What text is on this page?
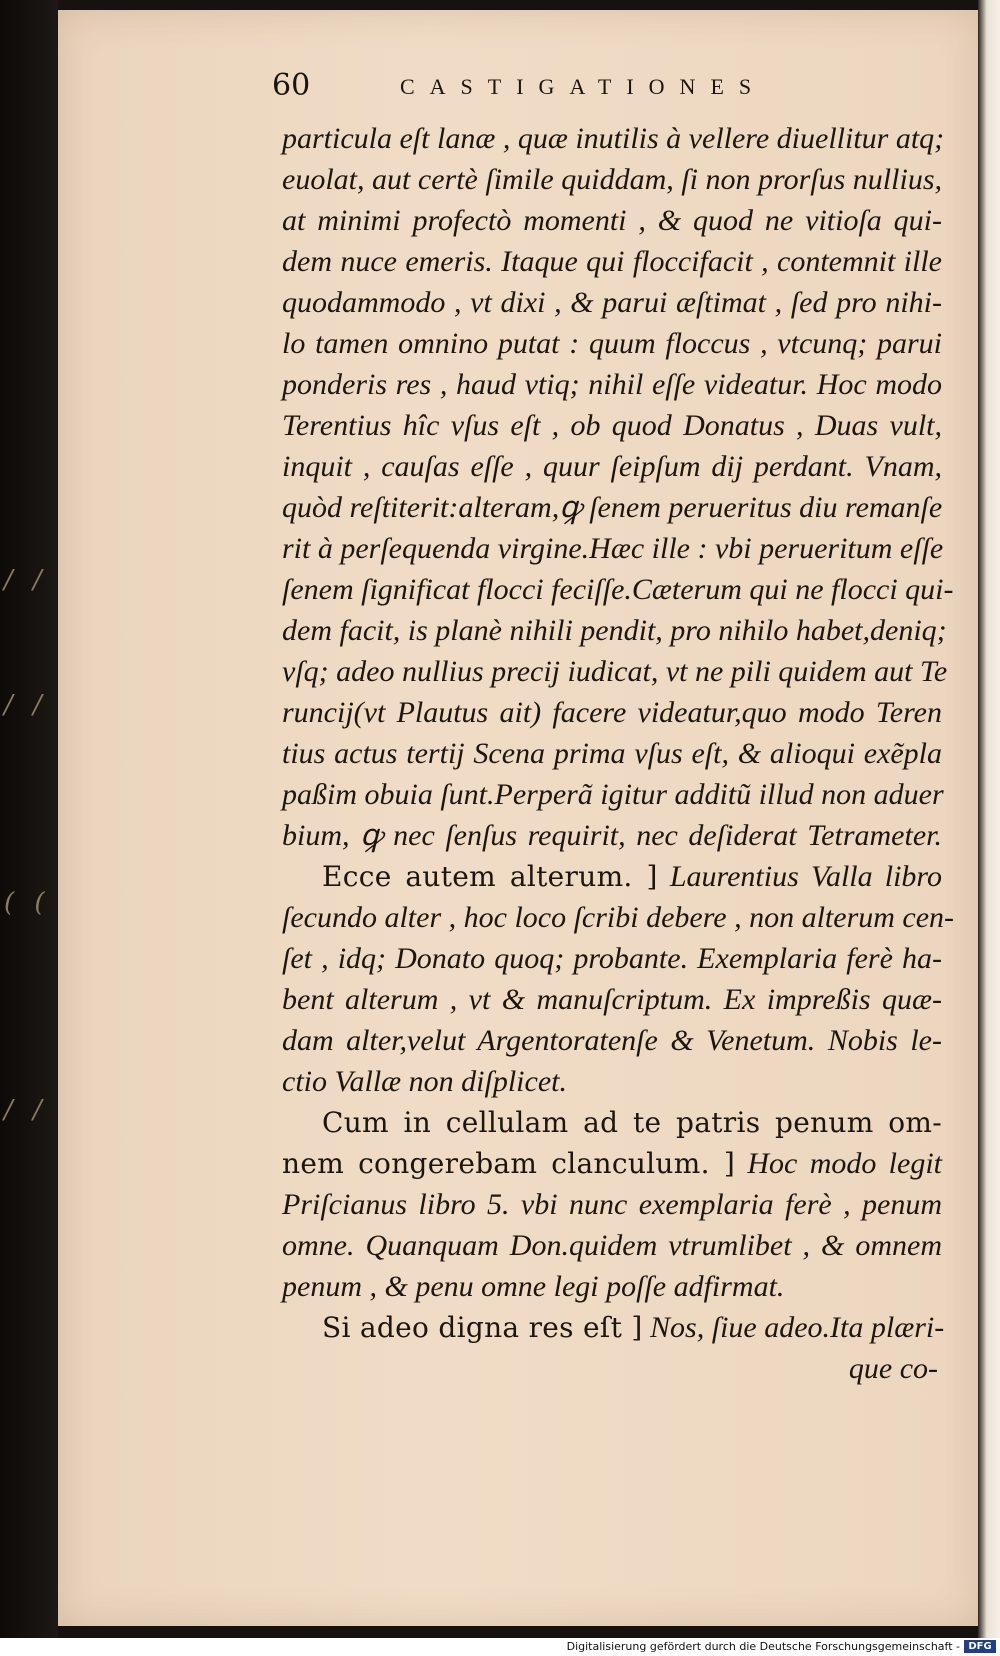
/ /
/ /
( (
/ /
60	CASTIGATIONES
particula eſt lanæ , quæ inutilis à vellere diuellitur atq;
euolat, aut certè ſimile quiddam, ſi non prorſus nullius,
at minimi profectò momenti , & quod ne vitioſa qui-
dem nuce emeris. Itaque qui floccifacit , contemnit ille
quodammodo , vt dixi , & parui æſtimat , ſed pro nihi-
lo tamen omnino putat : quum floccus , vtcunq; parui
ponderis res , haud vtiq; nihil eſſe videatur. Hoc modo
Terentius hîc vſus eſt , ob quod Donatus , Duas vult,
inquit , cauſas eſſe , quur ſeipſum dij perdant. Vnam,
quòd reſtiterit:alteram,ꝙ ſenem perueritus diu remanſe
rit à perſequenda virgine.Hæc ille : vbi perueritum eſſe
ſenem ſignificat flocci feciſſe.Cæterum qui ne flocci qui-
dem facit, is planè nihili pendit, pro nihilo habet,deniq;
vſq; adeo nullius precij iudicat, vt ne pili quidem aut Te
runcij(vt Plautus ait) facere videatur,quo modo Teren
tius actus tertij Scena prima vſus eſt, & alioqui exẽpla
paßim obuia ſunt.Perperã igitur additũ illud non aduer
bium, ꝙ nec ſenſus requirit, nec deſiderat Tetrameter.
Ecce autem alterum. ] Laurentius Valla libro
ſecundo alter , hoc loco ſcribi debere , non alterum cen-
ſet , idq; Donato quoq; probante. Exemplaria ferè ha-
bent alterum , vt & manuſcriptum. Ex impreßis quæ-
dam alter,velut Argentoratenſe & Venetum. Nobis le-
ctio Vallæ non diſplicet.
Cum in cellulam ad te patris penum om-
nem congerebam clanculum. ] Hoc modo legit
Priſcianus libro 5. vbi nunc exemplaria ferè , penum
omne. Quanquam Don.quidem vtrumlibet , & omnem
penum , & penu omne legi poſſe adfirmat.
Si adeo digna res eſt ] Nos, ſiue adeo.Ita plæri-
que co-
Digitalisierung gefördert durch die Deutsche Forschungsgemeinschaft - DFG
